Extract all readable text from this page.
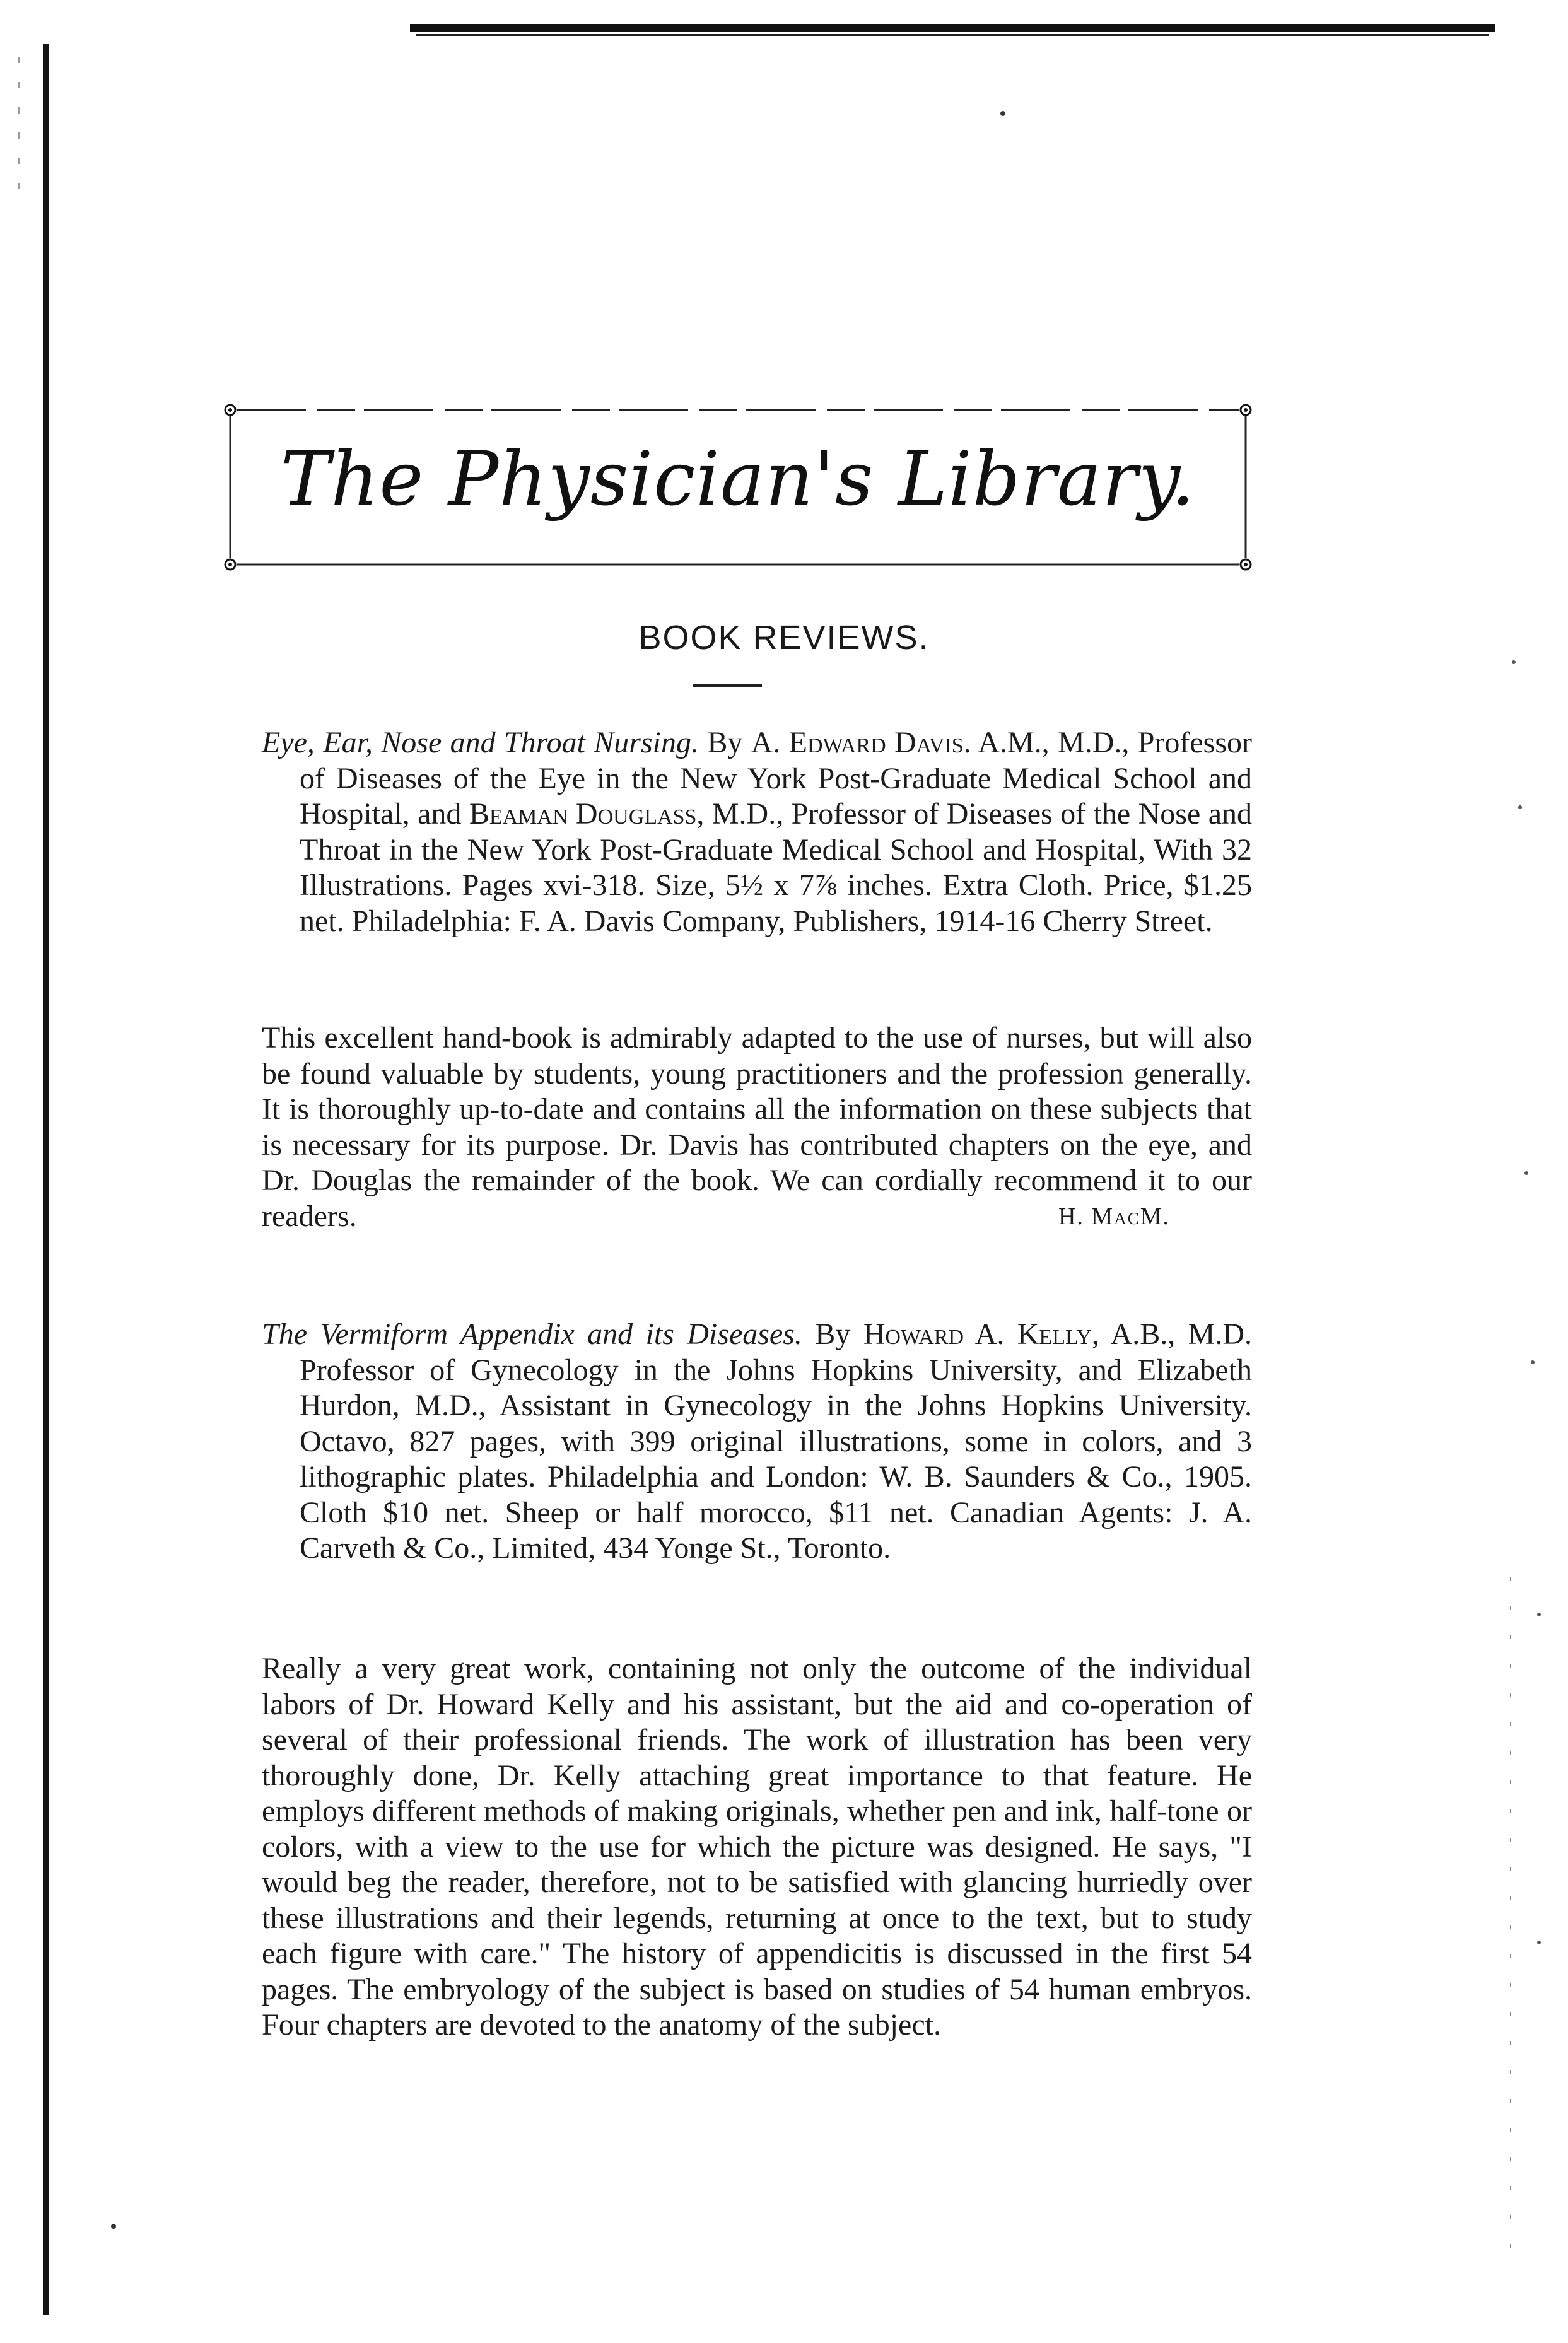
The Physician's Library.
BOOK REVIEWS.
Eye, Ear, Nose and Throat Nursing. By A. Edward Davis. A.M., M.D., Professor of Diseases of the Eye in the New York Post-Graduate Medical School and Hospital, and Beaman Douglass, M.D., Professor of Diseases of the Nose and Throat in the New York Post-Graduate Medical School and Hospital, With 32 Illustrations. Pages xvi-318. Size, 5½ x 7⅞ inches. Extra Cloth. Price, $1.25 net. Philadelphia: F. A. Davis Company, Publishers, 1914-16 Cherry Street.
This excellent hand-book is admirably adapted to the use of nurses, but will also be found valuable by students, young practitioners and the profession generally. It is thoroughly up-to-date and contains all the information on these subjects that is necessary for its purpose. Dr. Davis has contributed chapters on the eye, and Dr. Douglas the remainder of the book. We can cordially recommend it to our readers.	H. MacM.
The Vermiform Appendix and its Diseases. By Howard A. Kelly, A.B., M.D. Professor of Gynecology in the Johns Hopkins University, and Elizabeth Hurdon, M.D., Assistant in Gynecology in the Johns Hopkins University. Octavo, 827 pages, with 399 original illustrations, some in colors, and 3 lithographic plates. Philadelphia and London: W. B. Saunders & Co., 1905. Cloth $10 net. Sheep or half morocco, $11 net. Canadian Agents: J. A. Carveth & Co., Limited, 434 Yonge St., Toronto.
Really a very great work, containing not only the outcome of the individual labors of Dr. Howard Kelly and his assistant, but the aid and co-operation of several of their professional friends. The work of illustration has been very thoroughly done, Dr. Kelly attaching great importance to that feature. He employs different methods of making originals, whether pen and ink, half-tone or colors, with a view to the use for which the picture was designed. He says, "I would beg the reader, therefore, not to be satisfied with glancing hurriedly over these illustrations and their legends, returning at once to the text, but to study each figure with care." The history of appendicitis is discussed in the first 54 pages. The embryology of the subject is based on studies of 54 human embryos. Four chapters are devoted to the anatomy of the subject.
